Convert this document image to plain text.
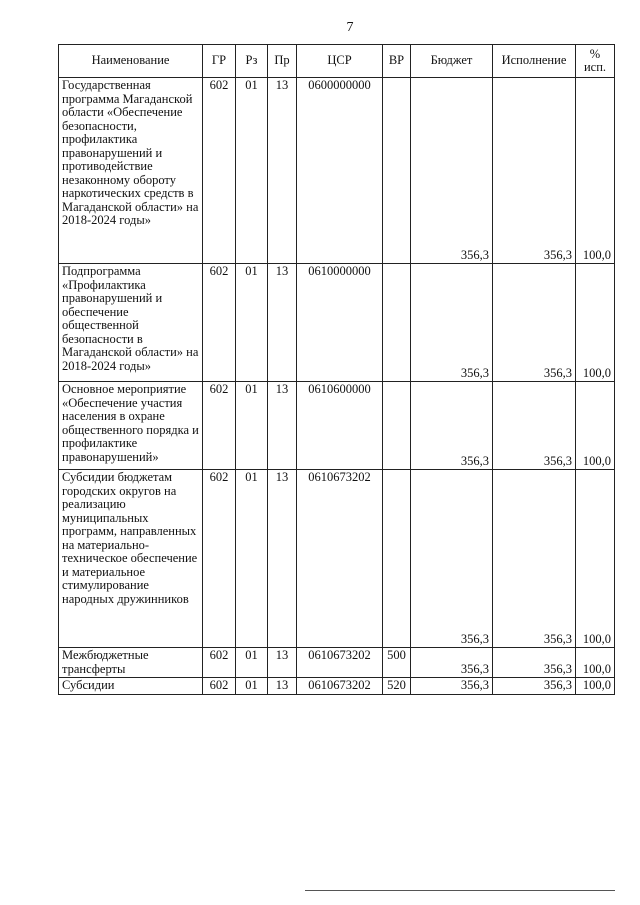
7
Наименование	ГР	Рз	Пр	ЦСР	ВР	Бюджет	Исполнение	%
исп.
Государственная программа Магаданской области «Обеспечение безопасности, профилактика правонарушений и противодействие незаконному обороту наркотических средств в Магаданской области» на 2018-2024 годы»	602	01	13	0600000000		356,3	356,3	100,0
Подпрограмма «Профилактика правонарушений и обеспечение общественной безопасности в Магаданской области» на 2018-2024 годы»	602	01	13	0610000000		356,3	356,3	100,0
Основное мероприятие «Обеспечение участия населения в охране общественного порядка и профилактике правонарушений»	602	01	13	0610600000		356,3	356,3	100,0
Субсидии бюджетам городских округов на реализацию муниципальных программ, направленных на материально-техническое обеспечение и материальное стимулирование народных дружинников	602	01	13	0610673202		356,3	356,3	100,0
Межбюджетные трансферты	602	01	13	0610673202	500	356,3	356,3	100,0
Субсидии	602	01	13	0610673202	520	356,3	356,3	100,0
